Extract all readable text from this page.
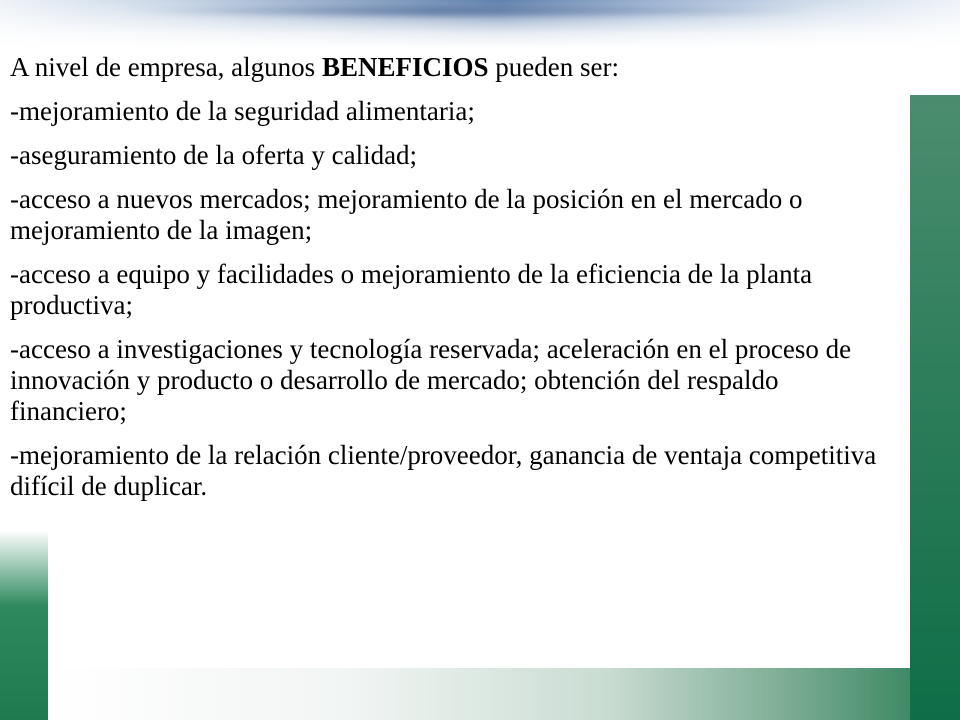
A nivel de empresa, algunos BENEFICIOS pueden ser:

-mejoramiento de la seguridad alimentaria;

-aseguramiento de la oferta y calidad;

-acceso a nuevos mercados; mejoramiento de la posición en el mercado o mejoramiento de la imagen;

-acceso a equipo y facilidades o mejoramiento de la eficiencia de la planta productiva;

-acceso a investigaciones y tecnología reservada; aceleración en el proceso de innovación y producto o desarrollo de mercado; obtención del respaldo financiero;

-mejoramiento de la relación cliente/proveedor, ganancia de ventaja competitiva difícil de duplicar.
